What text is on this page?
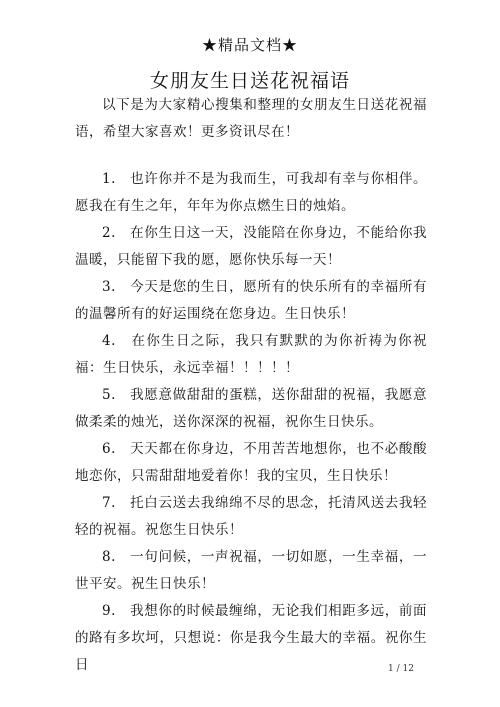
★精品文档★
女朋友生日送花祝福语
以下是为大家精心搜集和整理的女朋友生日送花祝福语，希望大家喜欢！更多资讯尽在！

1.　也许你并不是为我而生，可我却有幸与你相伴。愿我在有生之年，年年为你点燃生日的烛焰。

2.　在你生日这一天，没能陪在你身边，不能给你我温暖，只能留下我的愿，愿你快乐每一天！

3.　今天是您的生日，愿所有的快乐所有的幸福所有的温馨所有的好运围绕在您身边。生日快乐！

4.　在你生日之际，我只有默默的为你祈祷为你祝福：生日快乐，永远幸福！！！！！

5.　我愿意做甜甜的蛋糕，送你甜甜的祝福，我愿意做柔柔的烛光，送你深深的祝福，祝你生日快乐。

6.　天天都在你身边，不用苦苦地想你，也不必酸酸地恋你，只需甜甜地爱着你！我的宝贝，生日快乐！

7.　托白云送去我绵绵不尽的思念，托清风送去我轻轻的祝福。祝您生日快乐！

8.　一句问候，一声祝福，一切如愿，一生幸福，一世平安。祝生日快乐！

9.　我想你的时候最缠绵，无论我们相距多远，前面的路有多坎坷，只想说：你是我今生最大的幸福。祝你生日	1 / 12
